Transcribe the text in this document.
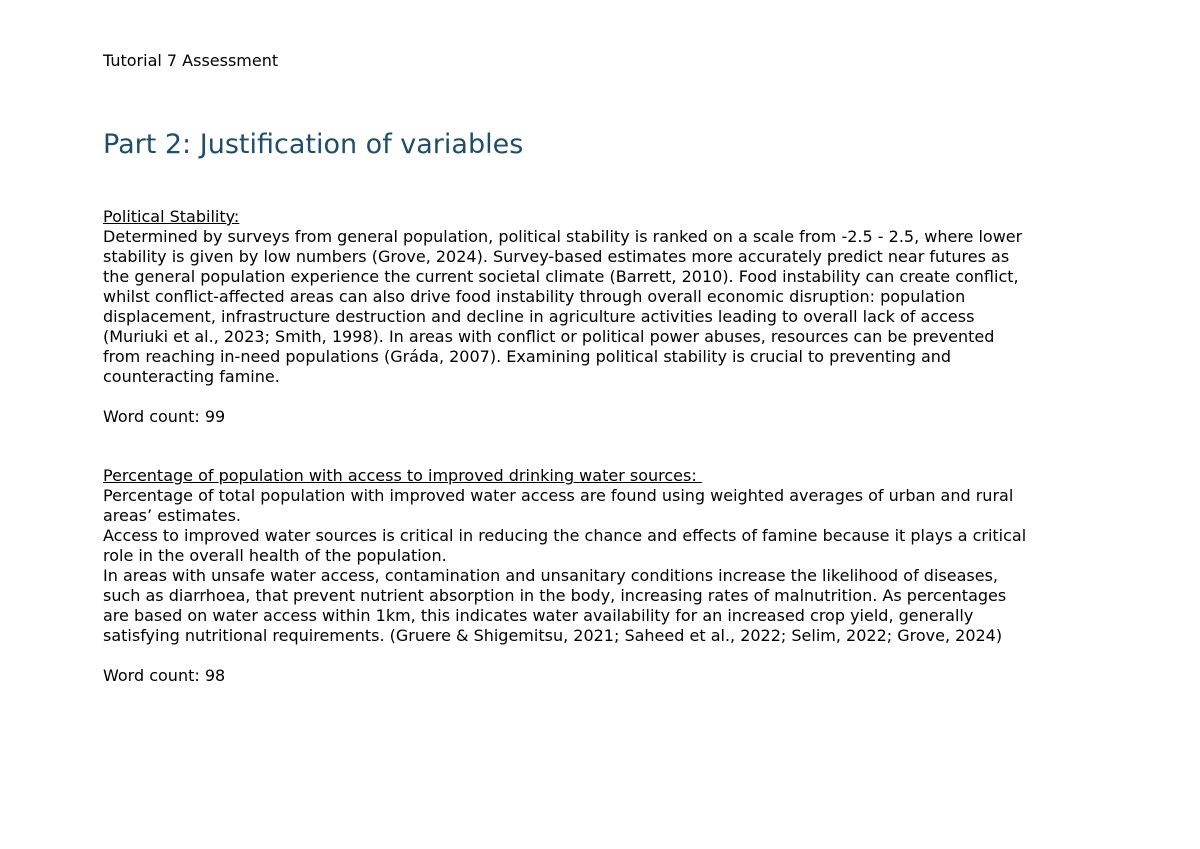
Tutorial 7 Assessment
Part 2: Justification of variables
Political Stability:
Determined by surveys from general population, political stability is ranked on a scale from -2.5 - 2.5, where lower
stability is given by low numbers (Grove, 2024). Survey-based estimates more accurately predict near futures as
the general population experience the current societal climate (Barrett, 2010). Food instability can create conflict,
whilst conflict-affected areas can also drive food instability through overall economic disruption: population
displacement, infrastructure destruction and decline in agriculture activities leading to overall lack of access
(Muriuki et al., 2023; Smith, 1998). In areas with conflict or political power abuses, resources can be prevented
from reaching in-need populations (Gráda, 2007). Examining political stability is crucial to preventing and
counteracting famine.
Word count: 99
Percentage of population with access to improved drinking water sources:
Percentage of total population with improved water access are found using weighted averages of urban and rural
areas’ estimates.
Access to improved water sources is critical in reducing the chance and effects of famine because it plays a critical
role in the overall health of the population.
In areas with unsafe water access, contamination and unsanitary conditions increase the likelihood of diseases,
such as diarrhoea, that prevent nutrient absorption in the body, increasing rates of malnutrition. As percentages
are based on water access within 1km, this indicates water availability for an increased crop yield, generally
satisfying nutritional requirements. (Gruere & Shigemitsu, 2021; Saheed et al., 2022; Selim, 2022; Grove, 2024)
Word count: 98
